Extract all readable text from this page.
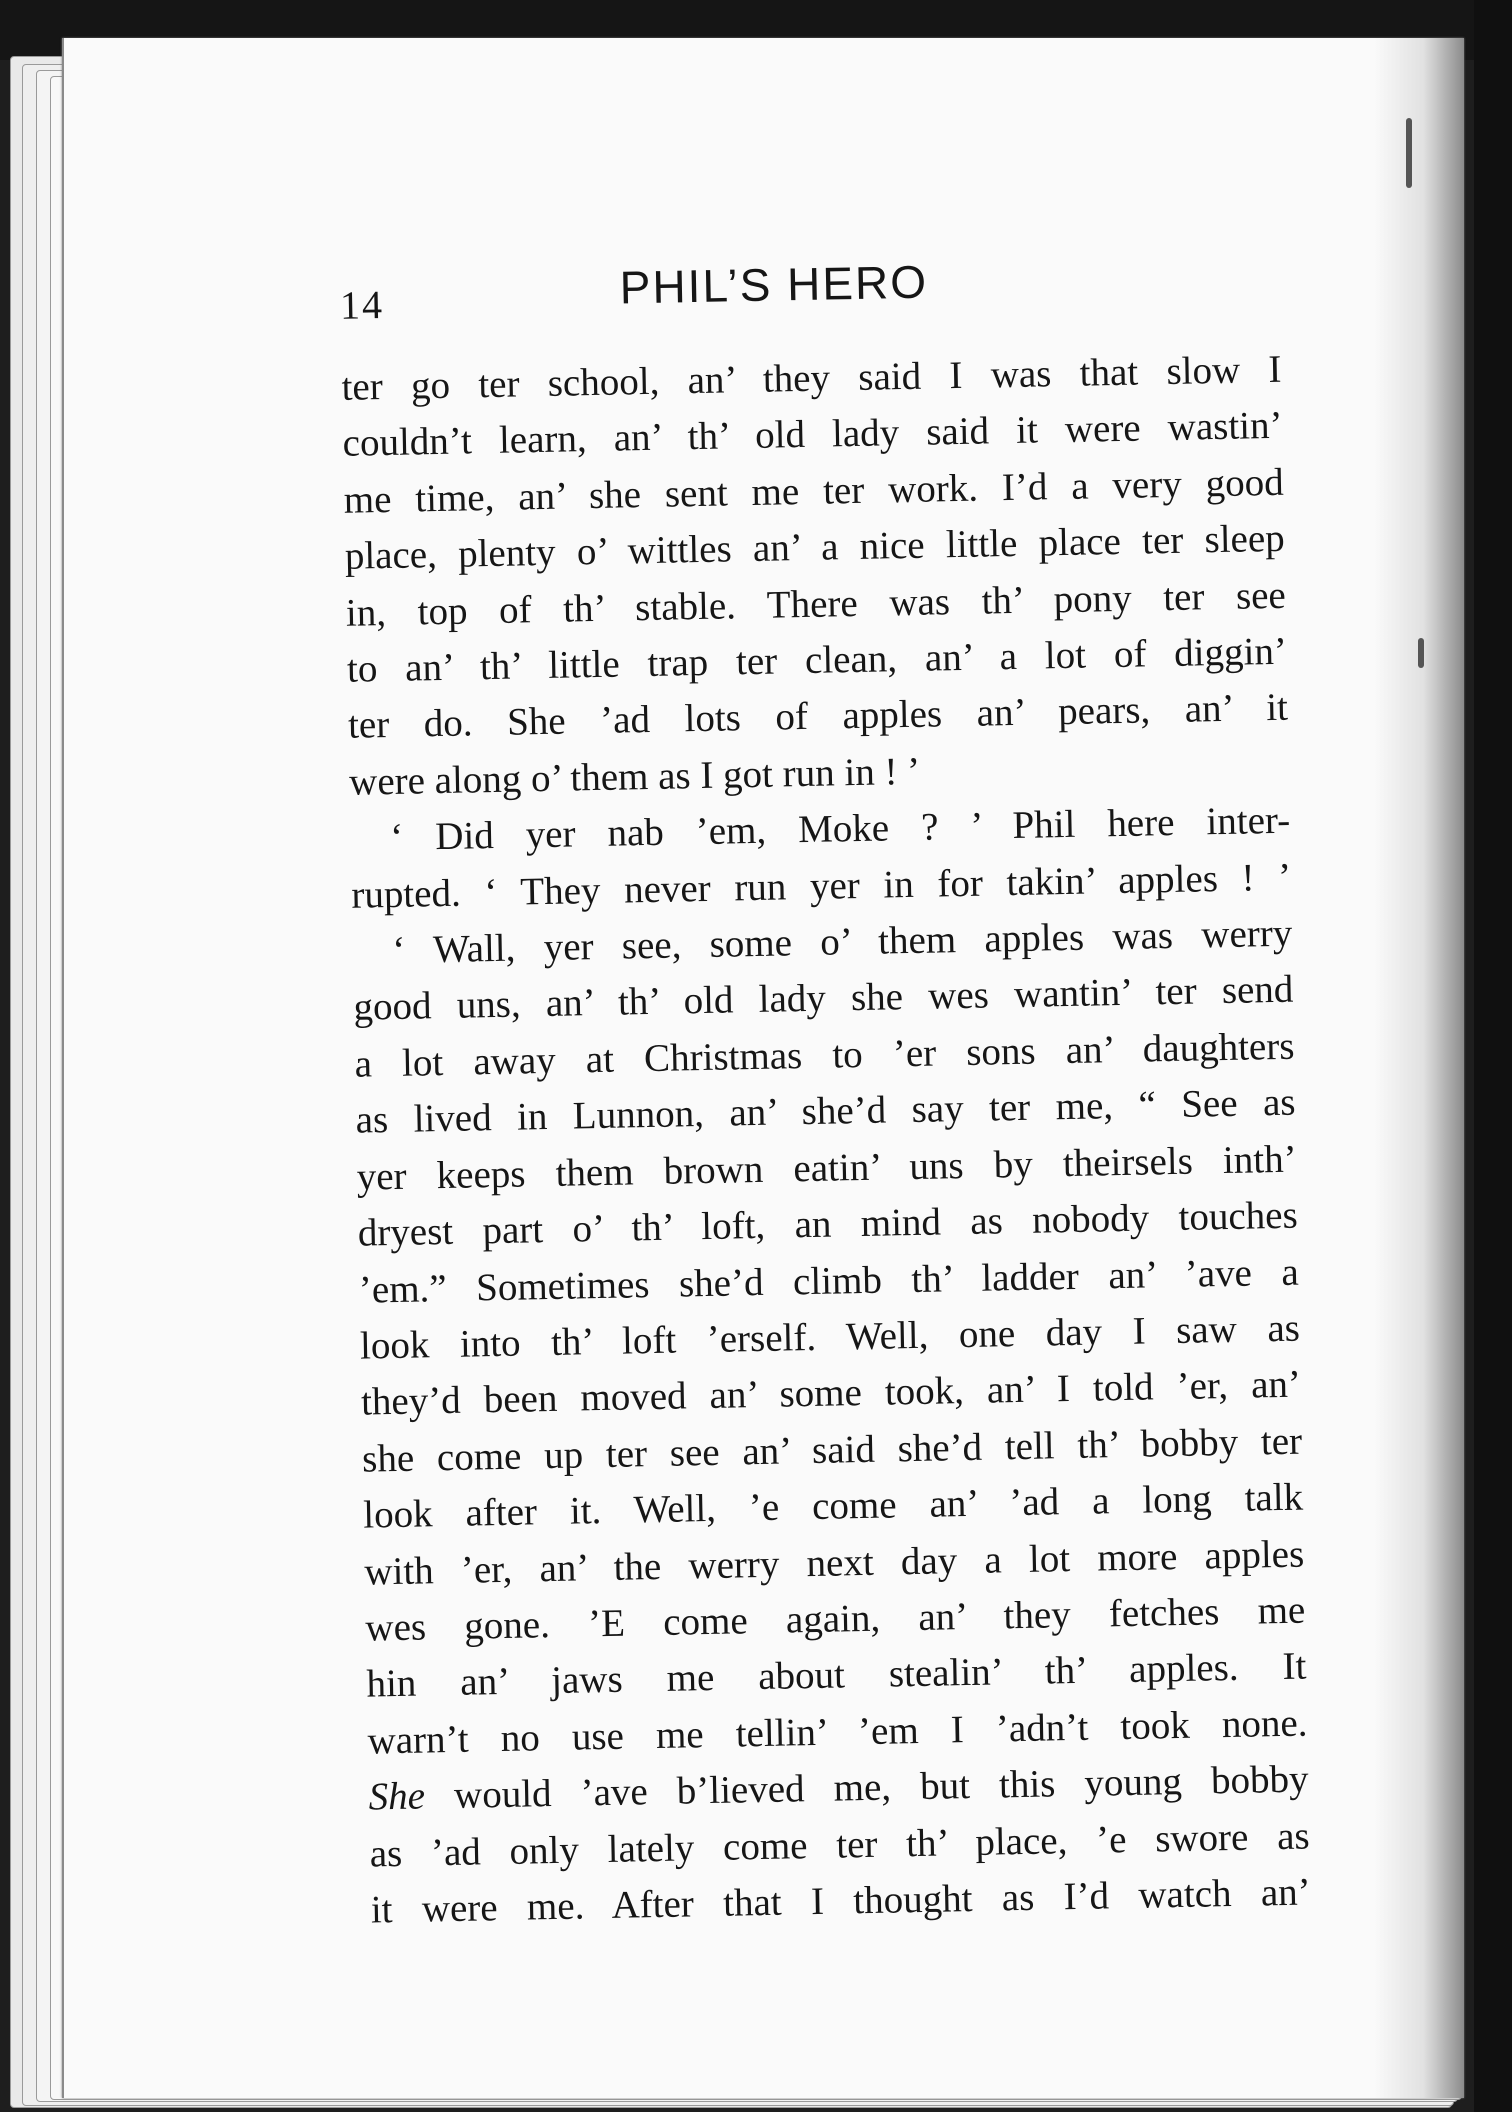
14	PHIL’S HERO
ter go ter school, an’ they said I was that slow I
couldn’t learn, an’ th’ old lady said it were wastin’
me time, an’ she sent me ter work. I’d a very good
place, plenty o’ wittles an’ a nice little place ter sleep
in, top of th’ stable. There was th’ pony ter see
to an’ th’ little trap ter clean, an’ a lot of diggin’
ter do. She ’ad lots of apples an’ pears, an’ it
were along o’ them as I got run in ! ’
‘ Did yer nab ’em, Moke ? ’ Phil here inter-
rupted. ‘ They never run yer in for takin’ apples ! ’
‘ Wall, yer see, some o’ them apples was werry
good uns, an’ th’ old lady she wes wantin’ ter send
a lot away at Christmas to ’er sons an’ daughters
as lived in Lunnon, an’ she’d say ter me, “ See as
yer keeps them brown eatin’ uns by theirsels inth’
dryest part o’ th’ loft, an mind as nobody touches
’em.” Sometimes she’d climb th’ ladder an’ ’ave a
look into th’ loft ’erself. Well, one day I saw as
they’d been moved an’ some took, an’ I told ’er, an’
she come up ter see an’ said she’d tell th’ bobby ter
look after it. Well, ’e come an’ ’ad a long talk
with ’er, an’ the werry next day a lot more apples
wes gone. ’E come again, an’ they fetches me
hin an’ jaws me about stealin’ th’ apples. It
warn’t no use me tellin’ ’em I ’adn’t took none.
She would ’ave b’lieved me, but this young bobby
as ’ad only lately come ter th’ place, ’e swore as
it were me. After that I thought as I’d watch an’
